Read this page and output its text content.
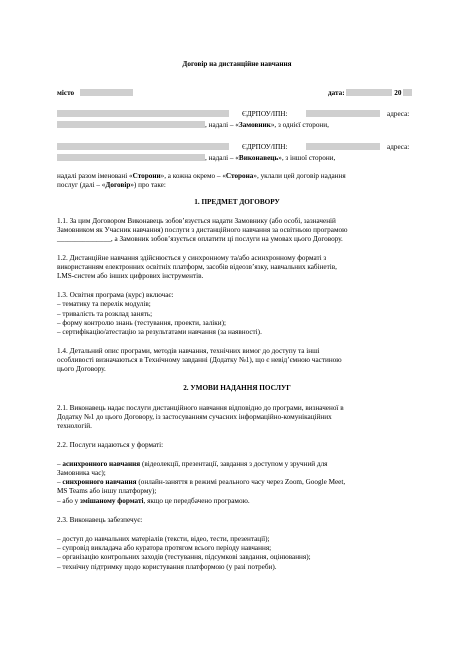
Договір на дистанційне навчання
місто	дата:	20
ЄДРПОУ/ІПН:	адреса:
, надалі – «Замовник», з однієї сторони,
ЄДРПОУ/ІПН:	адреса:
, надалі – «Виконавець», з іншої сторони,
надалі разом іменовані «Сторони», а кожна окремо – «Сторона», уклали цей договір надання
послуг (далі – «Договір») про таке:
1. ПРЕДМЕТ ДОГОВОРУ
1.1. За цим Договором Виконавець зобов’язується надати Замовнику (або особі, зазначеній
Замовником як Учасник навчання) послуги з дистанційного навчання за освітньою програмою
_______________, а Замовник зобов’язується оплатити ці послуги на умовах цього Договору.
1.2. Дистанційне навчання здійснюється у синхронному та/або асинхронному форматі з
використанням електронних освітніх платформ, засобів відеозв’язку, навчальних кабінетів,
LMS-систем або інших цифрових інструментів.
1.3. Освітня програма (курс) включає:
– тематику та перелік модулів;
– тривалість та розклад занять;
– форму контролю знань (тестування, проекти, заліки);
– сертифікацію/атестацію за результатами навчання (за наявності).
1.4. Детальний опис програми, методів навчання, технічних вимог до доступу та інші
особливості визначаються в Технічному завданні (Додатку №1), що є невід’ємною частиною
цього Договору.
2. УМОВИ НАДАННЯ ПОСЛУГ
2.1. Виконавець надає послуги дистанційного навчання відповідно до програми, визначеної в
Додатку №1 до цього Договору, із застосуванням сучасних інформаційно-комунікаційних
технологій.
2.2. Послуги надаються у форматі:
– асинхронного навчання (відеолекції, презентації, завдання з доступом у зручний для
Замовника час);
– синхронного навчання (онлайн-заняття в режимі реального часу через Zoom, Google Meet,
MS Teams або іншу платформу);
– або у змішаному форматі, якщо це передбачено програмою.
2.3. Виконавець забезпечує:
– доступ до навчальних матеріалів (тексти, відео, тести, презентації);
– супровід викладача або куратора протягом всього періоду навчання;
– організацію контрольних заходів (тестування, підсумкові завдання, оцінювання);
– технічну підтримку щодо користування платформою (у разі потреби).
